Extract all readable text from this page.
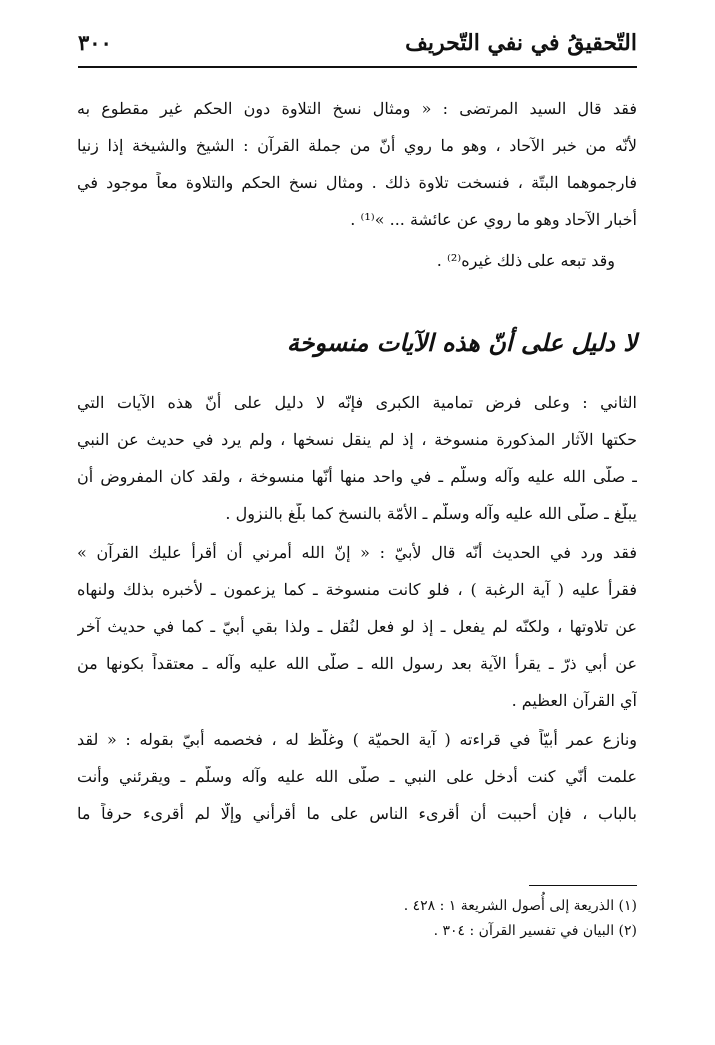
التّحقيقُ في نفي التّحريف
٣٠٠
فقد قال السيد المرتضى : « ومثال نسخ التلاوة دون الحكم غير مقطوع به
لأنّه من خبر الآحاد ، وهو ما روي أنّ من جملة القرآن : الشيخ والشيخة إذا زنيا
فارجموهما البتّة ، فنسخت تلاوة ذلك . ومثال نسخ الحكم والتلاوة معاً موجود في
أخبار الآحاد وهو ما روي عن عائشة ... »⁽¹⁾ .
وقد تبعه على ذلك غيره⁽²⁾ .
لا دليل على أنّ هذه الآيات منسوخة
الثاني : وعلى فرض تمامية الكبرى فإنّه لا دليل على أنّ هذه الآيات التي
حكتها الآثار المذكورة منسوخة ، إذ لم ينقل نسخها ، ولم يرد في حديث عن النبي
ـ صلّى الله عليه وآله وسلّم ـ في واحد منها أنّها منسوخة ، ولقد كان المفروض أن
يبلّغ ـ صلّى الله عليه وآله وسلّم ـ الأمّة بالنسخ كما بلّغ بالنزول .
فقد ورد في الحديث أنّه قال لأُبيّ : « إنّ الله أمرني أن أقرأ عليك القرآن »
فقرأ عليه ( آية الرغبة ) ، فلو كانت منسوخة ـ كما يزعمون ـ لأخبره بذلك ولنهاه
عن تلاوتها ، ولكنّه لم يفعل ـ إذ لو فعل لنُقل ـ ولذا بقي أُبيّ ـ كما في حديث آخر
عن أبي ذرّ ـ يقرأ الآية بعد رسول الله ـ صلّى الله عليه وآله ـ معتقداً بكونها من
آي القرآن العظيم .
ونازع عمر أُبيّاً في قراءته ( آية الحميّة ) وغلّظ له ، فخصمه أُبيّ بقوله : « لقد
علمت أنّي كنت أدخل على النبي ـ صلّى الله عليه وآله وسلّم ـ ويقرئني وأنت
بالباب ، فإن أحببت أن أُقرىء الناس على ما أقرأني وإلّا لم أُقرىء حرفاً ما
(١) الذريعة إلى أُصول الشريعة ١ : ٤٢٨ .
(٢) البيان في تفسير القرآن : ٣٠٤ .
